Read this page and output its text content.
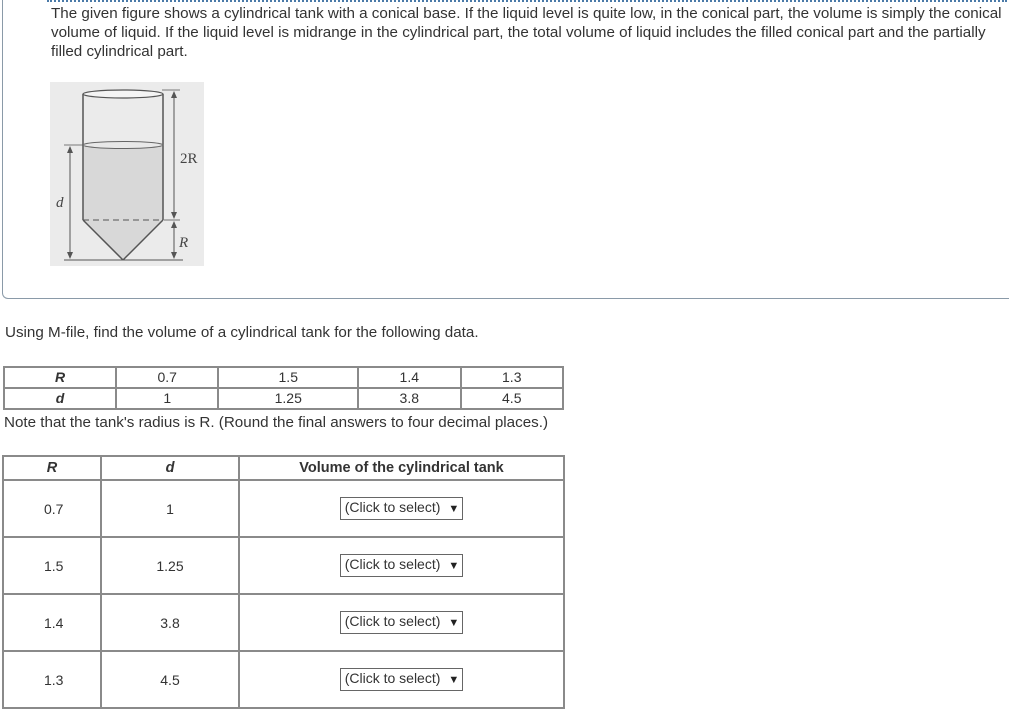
The given figure shows a cylindrical tank with a conical base. If the liquid level is quite low, in the conical part, the volume is simply the conical volume of liquid. If the liquid level is midrange in the cylindrical part, the total volume of liquid includes the filled conical part and the partially filled cylindrical part.
2R
R
d
Using M-file, find the volume of a cylindrical tank for the following data.
R	0.7	1.5	1.4	1.3
d	1	1.25	3.8	4.5
Note that the tank's radius is R. (Round the final answers to four decimal places.)
R	d	Volume of the cylindrical tank
0.7	1	(Click to select) ▼
1.5	1.25	(Click to select) ▼
1.4	3.8	(Click to select) ▼
1.3	4.5	(Click to select) ▼
